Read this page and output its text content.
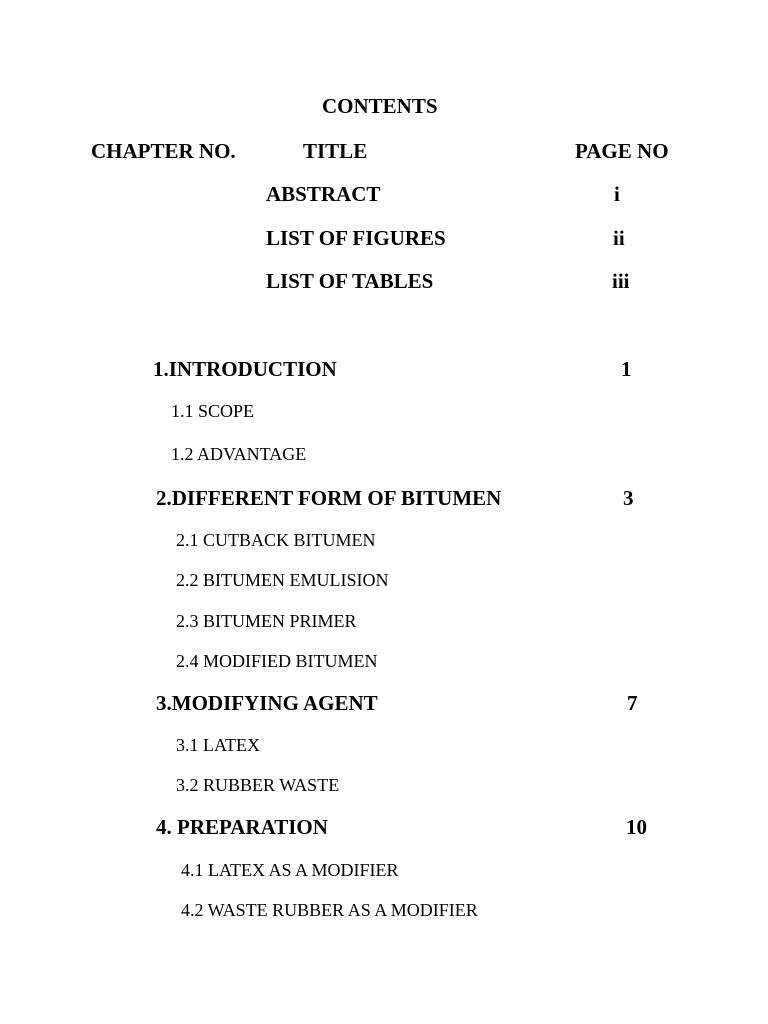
CONTENTS
CHAPTER NO.	TITLE	PAGE NO
ABSTRACT	i
LIST OF FIGURES	ii
LIST OF TABLES	iii
1.INTRODUCTION	1
1.1 SCOPE
1.2 ADVANTAGE
2.DIFFERENT FORM OF BITUMEN	3
2.1 CUTBACK BITUMEN
2.2 BITUMEN EMULISION
2.3 BITUMEN PRIMER
2.4 MODIFIED BITUMEN
3.MODIFYING AGENT	7
3.1 LATEX
3.2 RUBBER WASTE
4. PREPARATION	10
4.1 LATEX AS A MODIFIER
4.2 WASTE RUBBER AS A MODIFIER
